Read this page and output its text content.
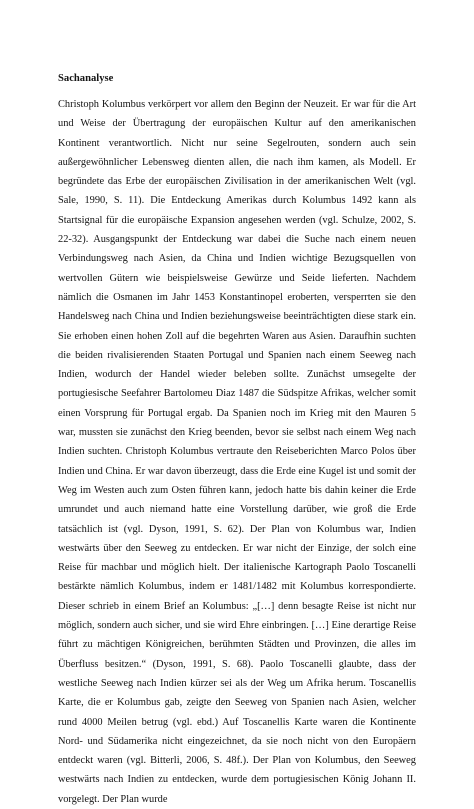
Sachanalyse

Christoph Kolumbus verkörpert vor allem den Beginn der Neuzeit. Er war für die Art und Weise der Übertragung der europäischen Kultur auf den amerikanischen Kontinent verantwortlich. Nicht nur seine Segelrouten, sondern auch sein außergewöhnlicher Lebensweg dienten allen, die nach ihm kamen, als Modell. Er begründete das Erbe der europäischen Zivilisation in der amerikanischen Welt (vgl. Sale, 1990, S. 11). Die Entdeckung Amerikas durch Kolumbus 1492 kann als Startsignal für die europäische Expansion angesehen werden (vgl. Schulze, 2002, S. 22-32). Ausgangspunkt der Entdeckung war dabei die Suche nach einem neuen Verbindungsweg nach Asien, da China und Indien wichtige Bezugsquellen von wertvollen Gütern wie beispielsweise Gewürze und Seide lieferten. Nachdem nämlich die Osmanen im Jahr 1453 Konstantinopel eroberten, versperrten sie den Handelsweg nach China und Indien beziehungsweise beeinträchtigten diese stark ein. Sie erhoben einen hohen Zoll auf die begehrten Waren aus Asien. Daraufhin suchten die beiden rivalisierenden Staaten Portugal und Spanien nach einem Seeweg nach Indien, wodurch der Handel wieder beleben sollte. Zunächst umsegelte der portugiesische Seefahrer Bartolomeu Diaz 1487 die Südspitze Afrikas, welcher somit einen Vorsprung für Portugal ergab. Da Spanien noch im Krieg mit den Mauren 5 war, mussten sie zunächst den Krieg beenden, bevor sie selbst nach einem Weg nach Indien suchten. Christoph Kolumbus vertraute den Reiseberichten Marco Polos über Indien und China. Er war davon überzeugt, dass die Erde eine Kugel ist und somit der Weg im Westen auch zum Osten führen kann, jedoch hatte bis dahin keiner die Erde umrundet und auch niemand hatte eine Vorstellung darüber, wie groß die Erde tatsächlich ist (vgl. Dyson, 1991, S. 62). Der Plan von Kolumbus war, Indien westwärts über den Seeweg zu entdecken. Er war nicht der Einzige, der solch eine Reise für machbar und möglich hielt. Der italienische Kartograph Paolo Toscanelli bestärkte nämlich Kolumbus, indem er 1481/1482 mit Kolumbus korrespondierte. Dieser schrieb in einem Brief an Kolumbus: „[…] denn besagte Reise ist nicht nur möglich, sondern auch sicher, und sie wird Ehre einbringen. […] Eine derartige Reise führt zu mächtigen Königreichen, berühmten Städten und Provinzen, die alles im Überfluss besitzen.“ (Dyson, 1991, S. 68). Paolo Toscanelli glaubte, dass der westliche Seeweg nach Indien kürzer sei als der Weg um Afrika herum. Toscanellis Karte, die er Kolumbus gab, zeigte den Seeweg von Spanien nach Asien, welcher rund 4000 Meilen betrug (vgl. ebd.) Auf Toscanellis Karte waren die Kontinente Nord- und Südamerika nicht eingezeichnet, da sie noch nicht von den Europäern entdeckt waren (vgl. Bitterli, 2006, S. 48f.). Der Plan von Kolumbus, den Seeweg westwärts nach Indien zu entdecken, wurde dem portugiesischen König Johann II. vorgelegt. Der Plan wurde
